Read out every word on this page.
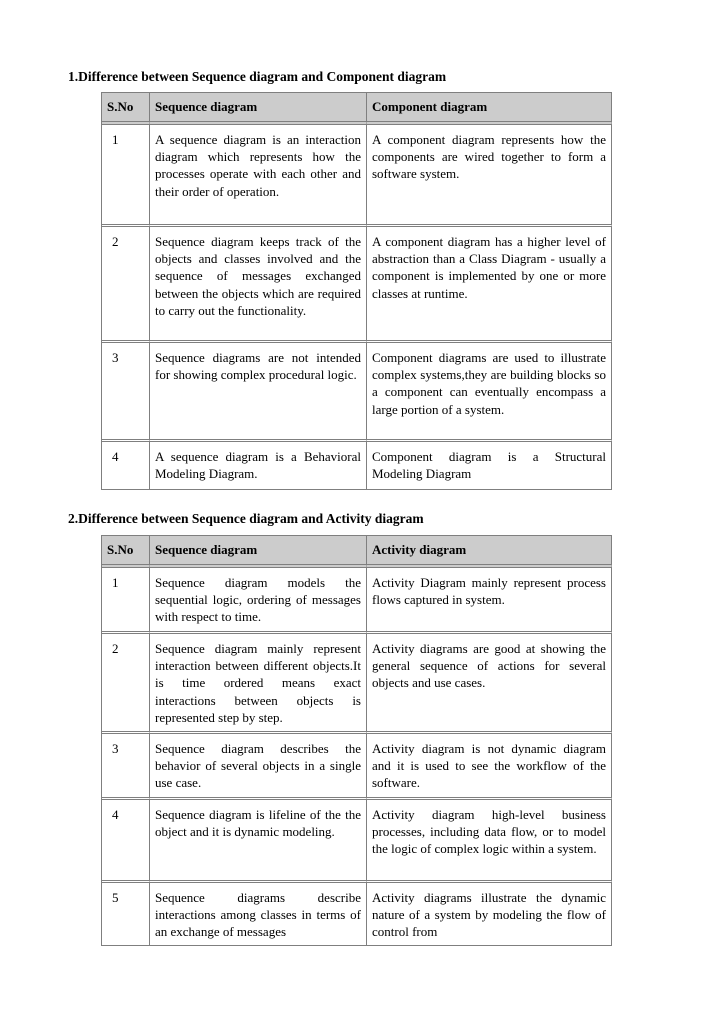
1.Difference between Sequence diagram and Component diagram
S.No	Sequence diagram	Component diagram
1	A sequence diagram is an interaction diagram which represents how the processes operate with each other and their order of operation.	A component diagram represents how the components are wired together to form a software system.
2	Sequence diagram keeps track of the objects and classes involved and the sequence of messages exchanged between the objects which are required to carry out the functionality.	A component diagram has a higher level of abstraction than a Class Diagram - usually a component is implemented by one or more classes at runtime.
3	Sequence diagrams are not intended for showing complex procedural logic.	Component diagrams are used to illustrate complex systems,they are building blocks so a component can eventually encompass a large portion of a system.
4	A sequence diagram is a Behavioral Modeling Diagram.	Component diagram is a Structural Modeling Diagram
2.Difference between Sequence diagram and Activity diagram
S.No	Sequence diagram	Activity diagram
1	Sequence diagram models the sequential logic, ordering of messages with respect to time.	Activity Diagram mainly represent process flows captured in system.
2	Sequence diagram mainly represent interaction between different objects.It is time ordered means exact interactions between objects is represented step by step.	Activity diagrams are good at showing the general sequence of actions for several objects and use cases.
3	Sequence diagram describes the behavior of several objects in a single use case.	Activity diagram is not dynamic diagram and it is used to see the workflow of the software.
4	Sequence diagram is lifeline of the the object and it is dynamic modeling.	Activity diagram high-level business processes, including data flow, or to model the logic of complex logic within a system.
5	Sequence diagrams describe interactions among classes in terms of an exchange of messages	Activity diagrams illustrate the dynamic nature of a system by modeling the flow of control from
